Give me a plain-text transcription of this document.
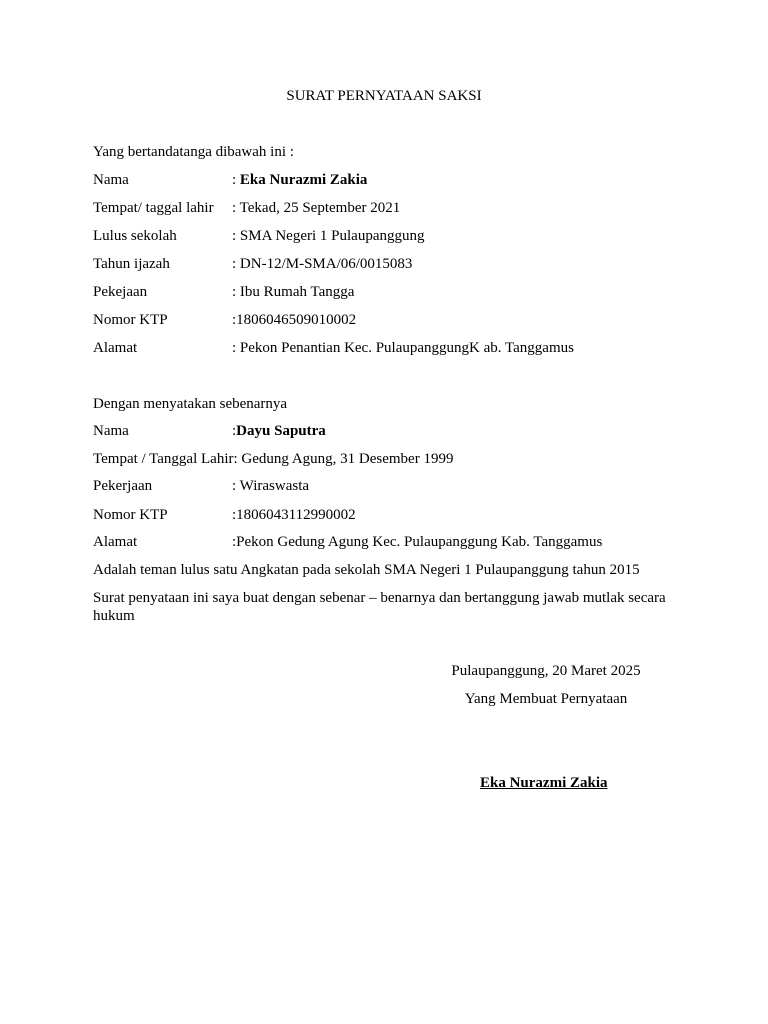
SURAT PERNYATAAN SAKSI
Yang bertandatanga dibawah ini :
Nama	: Eka Nurazmi Zakia
Tempat/ taggal lahir : Tekad, 25 September 2021
Lulus sekolah	: SMA Negeri 1 Pulaupanggung
Tahun ijazah	: DN-12/M-SMA/06/0015083
Pekejaan	: Ibu Rumah Tangga
Nomor KTP	:1806046509010002
Alamat	: Pekon Penantian Kec. PulaupanggungK ab. Tanggamus
Dengan menyatakan sebenarnya
Nama	:Dayu Saputra
Tempat / Tanggal Lahir: Gedung Agung, 31 Desember 1999
Pekerjaan	: Wiraswasta
Nomor KTP	:1806043112990002
Alamat	:Pekon Gedung Agung Kec. Pulaupanggung Kab. Tanggamus
Adalah teman lulus satu Angkatan pada sekolah SMA Negeri 1 Pulaupanggung tahun 2015
Surat penyataan ini saya buat dengan sebenar – benarnya dan bertanggung jawab mutlak secara hukum
Pulaupanggung, 20 Maret 2025
Yang Membuat Pernyataan
Eka Nurazmi Zakia
